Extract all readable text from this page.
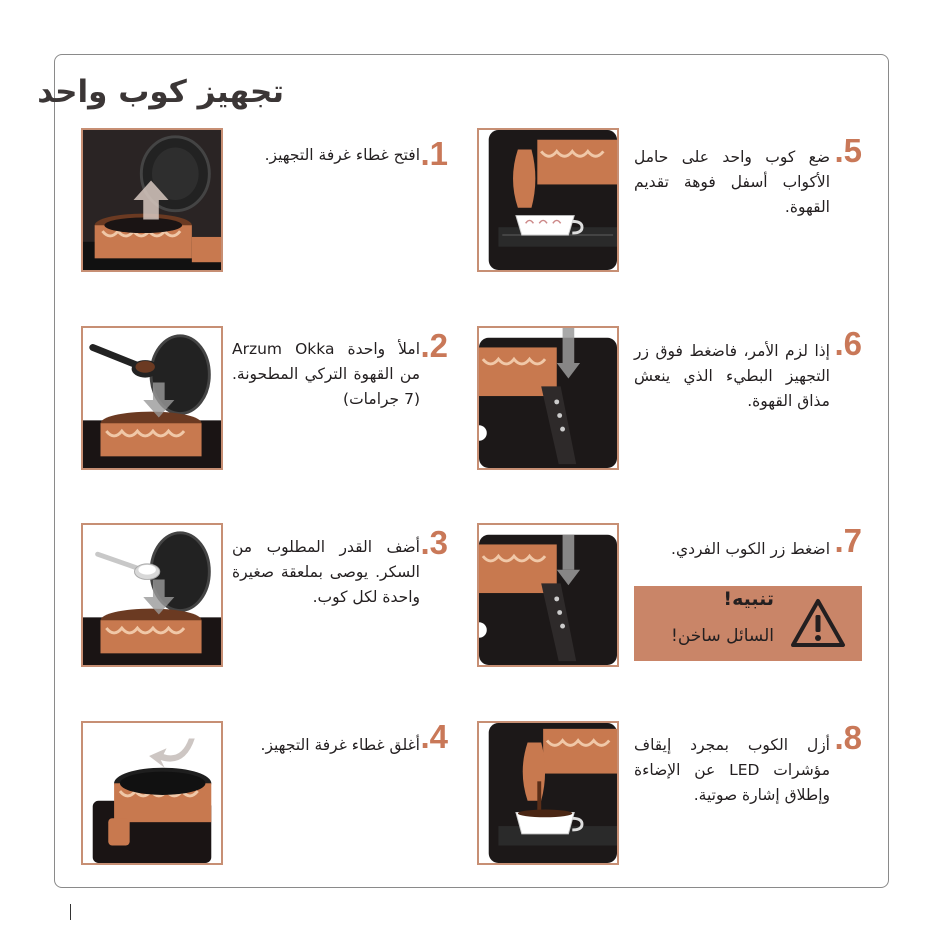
تجهيز كوب واحد
.1
افتح غطاء غرفة التجهيز.
.2
املأ واحدة Arzum Okka من القهوة التركي المطحونة. (7 جرامات)
.3
أضف القدر المطلوب من السكر. يوصى بملعقة صغيرة واحدة لكل كوب.
.4
أغلق غطاء غرفة التجهيز.
.5
ضع كوب واحد على حامل الأكواب أسفل فوهة تقديم القهوة.
.6
إذا لزم الأمر، فاضغط فوق زر التجهيز البطيء الذي ينعش مذاق القهوة.
.7
اضغط زر الكوب الفردي.
تنبيه!
السائل ساخن!
.8
أزل الكوب بمجرد إيقاف مؤشرات LED عن الإضاءة وإطلاق إشارة صوتية.
